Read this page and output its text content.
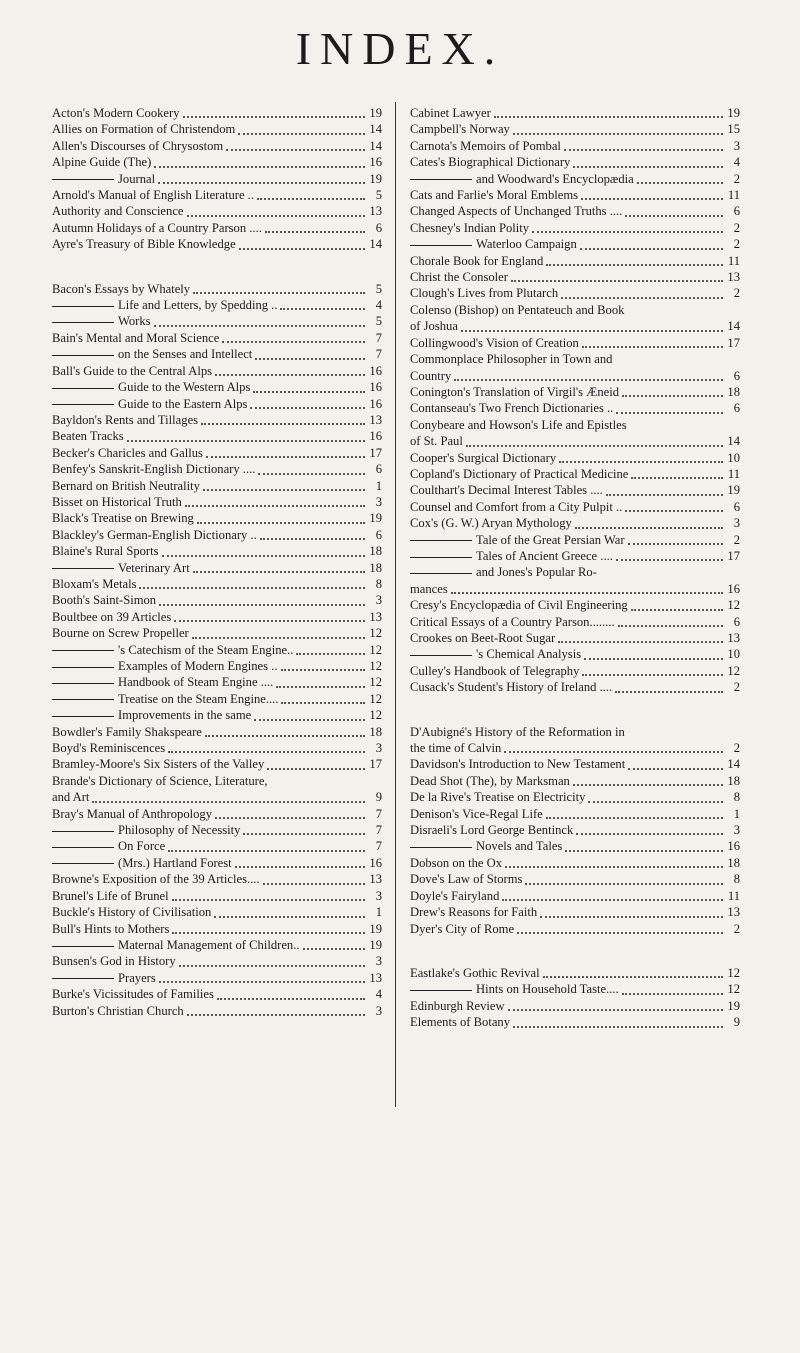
INDEX.
Acton's Modern Cookery	19
Allies on Formation of Christendom	14
Allen's Discourses of Chrysostom	14
Alpine Guide (The)	16
Journal	19
Arnold's Manual of English Literature ..	5
Authority and Conscience	13
Autumn Holidays of a Country Parson ....	6
Ayre's Treasury of Bible Knowledge	14
Bacon's Essays by Whately	5
Life and Letters, by Spedding ..	4
Works	5
Bain's Mental and Moral Science	7
on the Senses and Intellect	7
Ball's Guide to the Central Alps	16
Guide to the Western Alps	16
Guide to the Eastern Alps	16
Bayldon's Rents and Tillages	13
Beaten Tracks	16
Becker's Charicles and Gallus	17
Benfey's Sanskrit-English Dictionary ....	6
Bernard on British Neutrality	1
Bisset on Historical Truth	3
Black's Treatise on Brewing	19
Blackley's German-English Dictionary ..	6
Blaine's Rural Sports	18
Veterinary Art	18
Bloxam's Metals	8
Booth's Saint-Simon	3
Boultbee on 39 Articles	13
Bourne on Screw Propeller	12
's Catechism of the Steam Engine..	12
Examples of Modern Engines ..	12
Handbook of Steam Engine ....	12
Treatise on the Steam Engine....	12
Improvements in the same	12
Bowdler's Family Shakspeare	18
Boyd's Reminiscences	3
Bramley-Moore's Six Sisters of the Valley	17
Brande's Dictionary of Science, Literature,
and Art	9
Bray's Manual of Anthropology	7
Philosophy of Necessity	7
On Force	7
(Mrs.) Hartland Forest	16
Browne's Exposition of the 39 Articles....	13
Brunel's Life of Brunel	3
Buckle's History of Civilisation	1
Bull's Hints to Mothers	19
Maternal Management of Children..	19
Bunsen's God in History	3
Prayers	13
Burke's Vicissitudes of Families	4
Burton's Christian Church	3
Cabinet Lawyer	19
Campbell's Norway	15
Carnota's Memoirs of Pombal	3
Cates's Biographical Dictionary	4
and Woodward's Encyclopædia	2
Cats and Farlie's Moral Emblems	11
Changed Aspects of Unchanged Truths ....	6
Chesney's Indian Polity	2
Waterloo Campaign	2
Chorale Book for England	11
Christ the Consoler	13
Clough's Lives from Plutarch	2
Colenso (Bishop) on Pentateuch and Book
of Joshua	14
Collingwood's Vision of Creation	17
Commonplace Philosopher in Town and
Country	6
Conington's Translation of Virgil's Æneid	18
Contanseau's Two French Dictionaries ..	6
Conybeare and Howson's Life and Epistles
of St. Paul	14
Cooper's Surgical Dictionary	10
Copland's Dictionary of Practical Medicine	11
Coulthart's Decimal Interest Tables ....	19
Counsel and Comfort from a City Pulpit ..	6
Cox's (G. W.) Aryan Mythology	3
Tale of the Great Persian War	2
Tales of Ancient Greece ....	17
and Jones's Popular Ro-
mances	16
Cresy's Encyclopædia of Civil Engineering	12
Critical Essays of a Country Parson........	6
Crookes on Beet-Root Sugar	13
's Chemical Analysis	10
Culley's Handbook of Telegraphy	12
Cusack's Student's History of Ireland ....	2
D'Aubigné's History of the Reformation in
the time of Calvin	2
Davidson's Introduction to New Testament	14
Dead Shot (The), by Marksman	18
De la Rive's Treatise on Electricity	8
Denison's Vice-Regal Life	1
Disraeli's Lord George Bentinck	3
Novels and Tales	16
Dobson on the Ox	18
Dove's Law of Storms	8
Doyle's Fairyland	11
Drew's Reasons for Faith	13
Dyer's City of Rome	2
Eastlake's Gothic Revival	12
Hints on Household Taste....	12
Edinburgh Review	19
Elements of Botany	9
